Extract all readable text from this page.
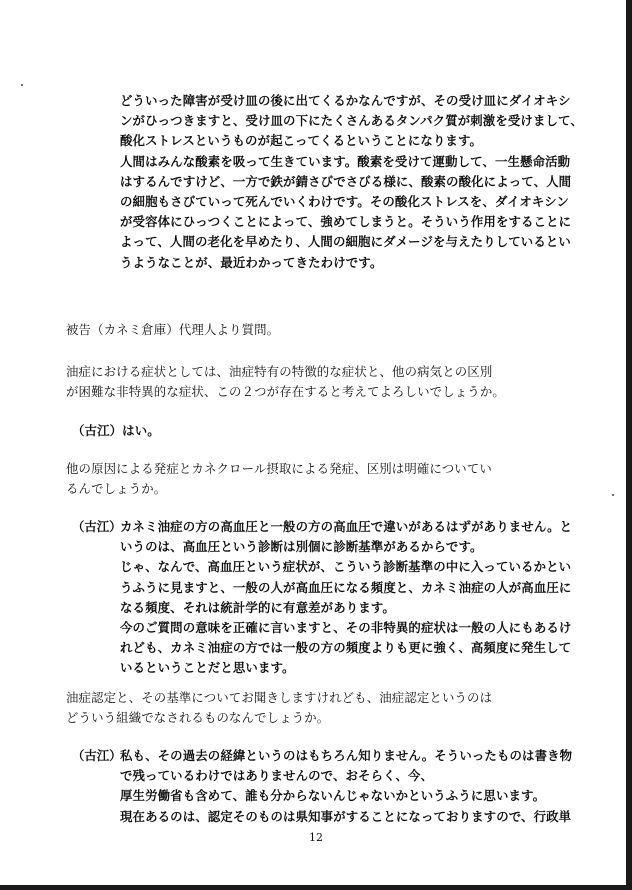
どういった障害が受け皿の後に出てくるかなんですが、その受け皿にダイオキシ
ンがひっつきますと、受け皿の下にたくさんあるタンパク質が刺激を受けまして、
酸化ストレスというものが起こってくるということになります。
人間はみんな酸素を吸って生きています。酸素を受けて運動して、一生懸命活動
はするんですけど、一方で鉄が錆さびでさびる様に、酸素の酸化によって、人間
の細胞もさびていって死んでいくわけです。その酸化ストレスを、ダイオキシン
が受容体にひっつくことによって、強めてしまうと。そういう作用をすることに
よって、人間の老化を早めたり、人間の細胞にダメージを与えたりしているとい
うようなことが、最近わかってきたわけです。
被告（カネミ倉庫）代理人より質問。
油症における症状としては、油症特有の特徴的な症状と、他の病気との区別
が困難な非特異的な症状、この２つが存在すると考えてよろしいでしょうか。
（古江）はい。
他の原因による発症とカネクロール摂取による発症、区別は明確についてい
るんでしょうか。
（古江）
カネミ油症の方の高血圧と一般の方の高血圧で違いがあるはずがありません。と
いうのは、高血圧という診断は別個に診断基準があるからです。
じゃ、なんで、高血圧という症状が、こういう診断基準の中に入っているかとい
うふうに見ますと、一般の人が高血圧になる頻度と、カネミ油症の人が高血圧に
なる頻度、それは統計学的に有意差があります。
今のご質問の意味を正確に言いますと、その非特異的症状は一般の人にもあるけ
れども、カネミ油症の方では一般の方の頻度よりも更に強く、高頻度に発生して
いるということだと思います。
油症認定と、その基準についてお聞きしますけれども、油症認定というのは
どういう組織でなされるものなんでしょうか。
（古江）
私も、その過去の経緯というのはもちろん知りません。そういったものは書き物
で残っているわけではありませんので、おそらく、今、
厚生労働省も含めて、誰も分からないんじゃないかというふうに思います。
現在あるのは、認定そのものは県知事がすることになっておりますので、行政単
12
